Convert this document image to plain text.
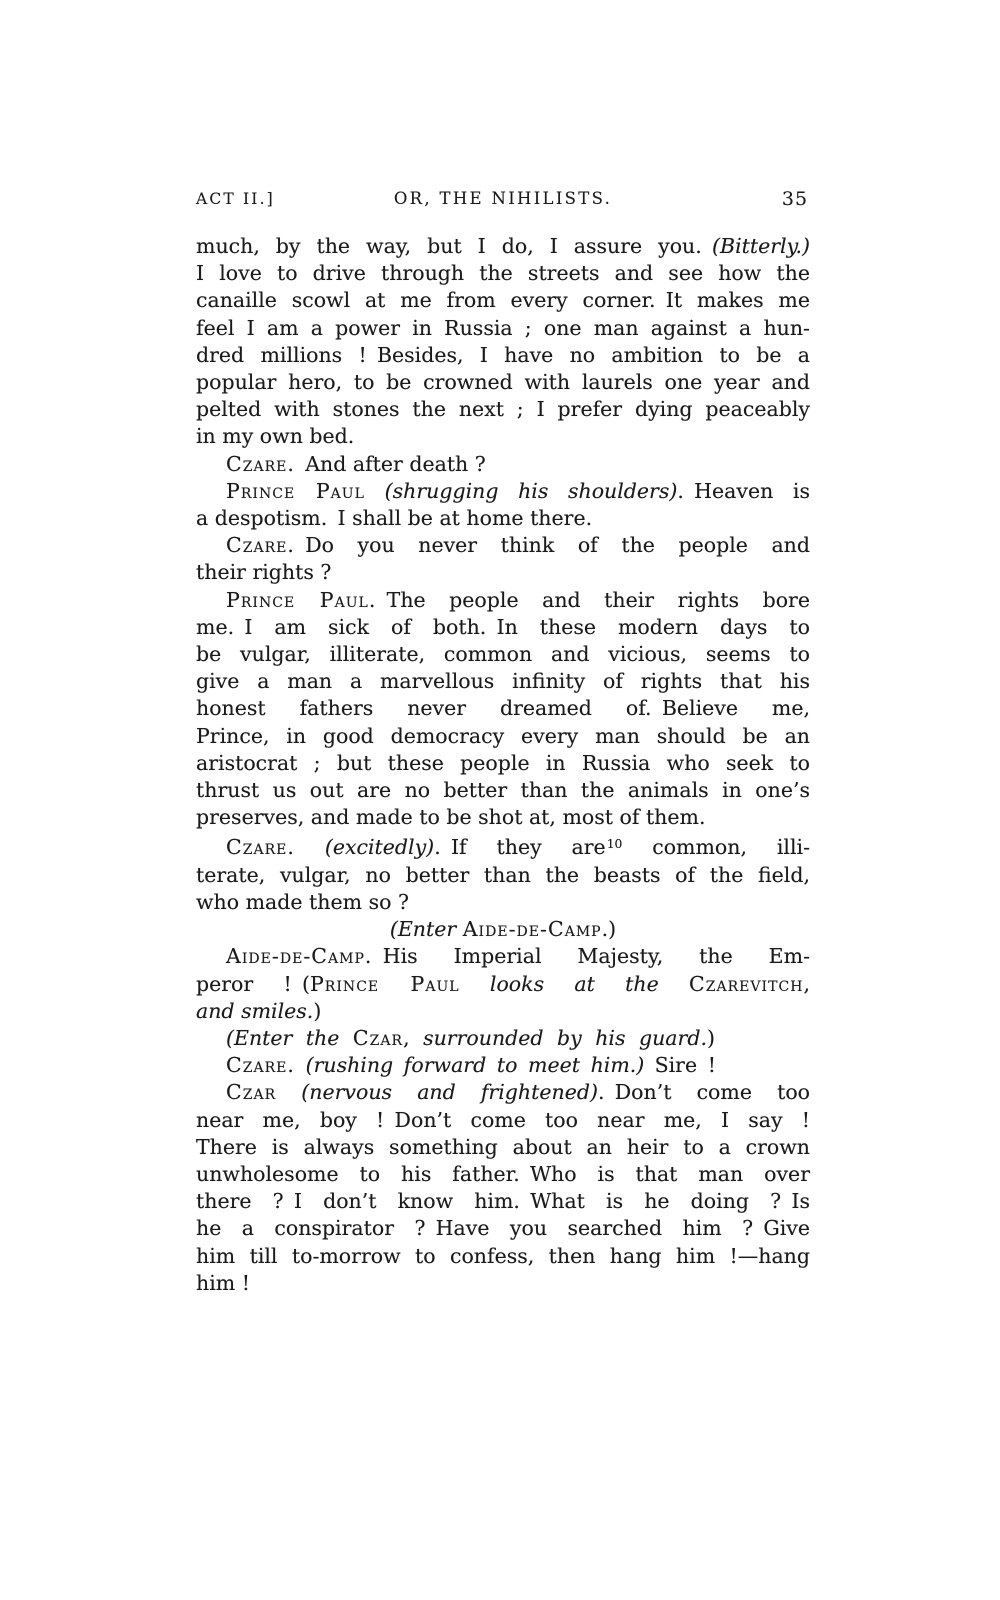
ACT II.]	OR, THE NIHILISTS.	35

much, by the way, but I do, I assure you. (Bitterly.)
I love to drive through the streets and see how the
canaille scowl at me from every corner. It makes me
feel I am a power in Russia ; one man against a hun-
dred millions ! Besides, I have no ambition to be a
popular hero, to be crowned with laurels one year and
pelted with stones the next ; I prefer dying peaceably
in my own bed.

Czare. And after death ?

Prince Paul (shrugging his shoulders). Heaven is
a despotism. I shall be at home there.

Czare. Do you never think of the people and
their rights ?

Prince Paul. The people and their rights bore
me. I am sick of both. In these modern days to
be vulgar, illiterate, common and vicious, seems to
give a man a marvellous infinity of rights that his
honest fathers never dreamed of. Believe me,
Prince, in good democracy every man should be an
aristocrat ; but these people in Russia who seek to
thrust us out are no better than the animals in one’s
preserves, and made to be shot at, most of them.

Czare. (excitedly). If they are$^{10}$ common, illi-
terate, vulgar, no better than the beasts of the field,
who made them so ?

(Enter Aide-de-Camp.)

Aide-de-Camp. His Imperial Majesty, the Em-
peror ! (Prince Paul looks at the Czarevitch,
and smiles.)

(Enter the Czar, surrounded by his guard.)

Czare. (rushing forward to meet him.) Sire !

Czar (nervous and frightened). Don’t come too
near me, boy ! Don’t come too near me, I say !
There is always something about an heir to a crown
unwholesome to his father. Who is that man over
there ? I don’t know him. What is he doing ? Is
he a conspirator ? Have you searched him ? Give
him till to-morrow to confess, then hang him !—hang
him !
